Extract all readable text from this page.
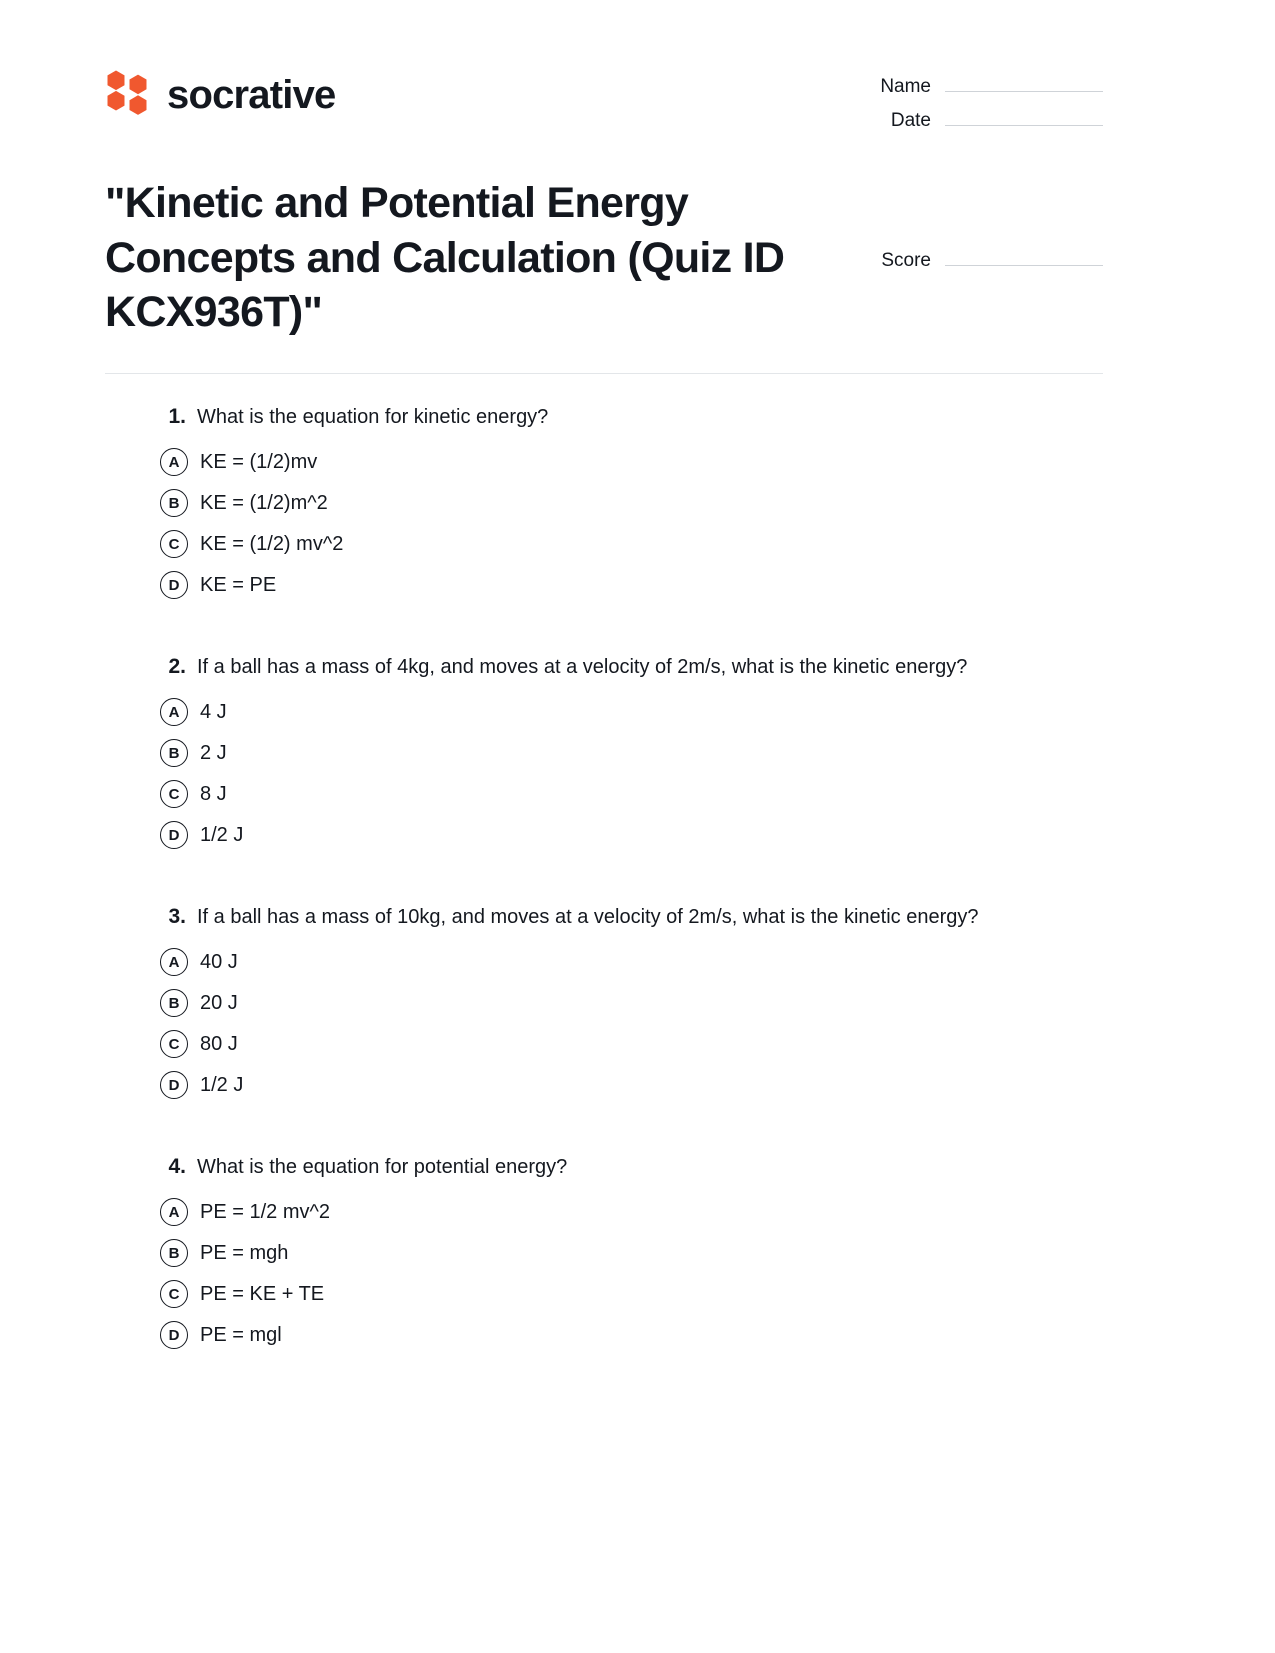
socrative	Name
Date
"Kinetic and Potential Energy Concepts and Calculation (Quiz ID KCX936T)"
Score
1. What is the equation for kinetic energy?
A	KE = (1/2)mv
B	KE = (1/2)m^2
C	KE = (1/2) mv^2
D	KE = PE
2. If a ball has a mass of 4kg, and moves at a velocity of 2m/s, what is the kinetic energy?
A	4 J
B	2 J
C	8 J
D	1/2 J
3. If a ball has a mass of 10kg, and moves at a velocity of 2m/s, what is the kinetic energy?
A	40 J
B	20 J
C	80 J
D	1/2 J
4. What is the equation for potential energy?
A	PE = 1/2 mv^2
B	PE = mgh
C	PE = KE + TE
D	PE = mgl
